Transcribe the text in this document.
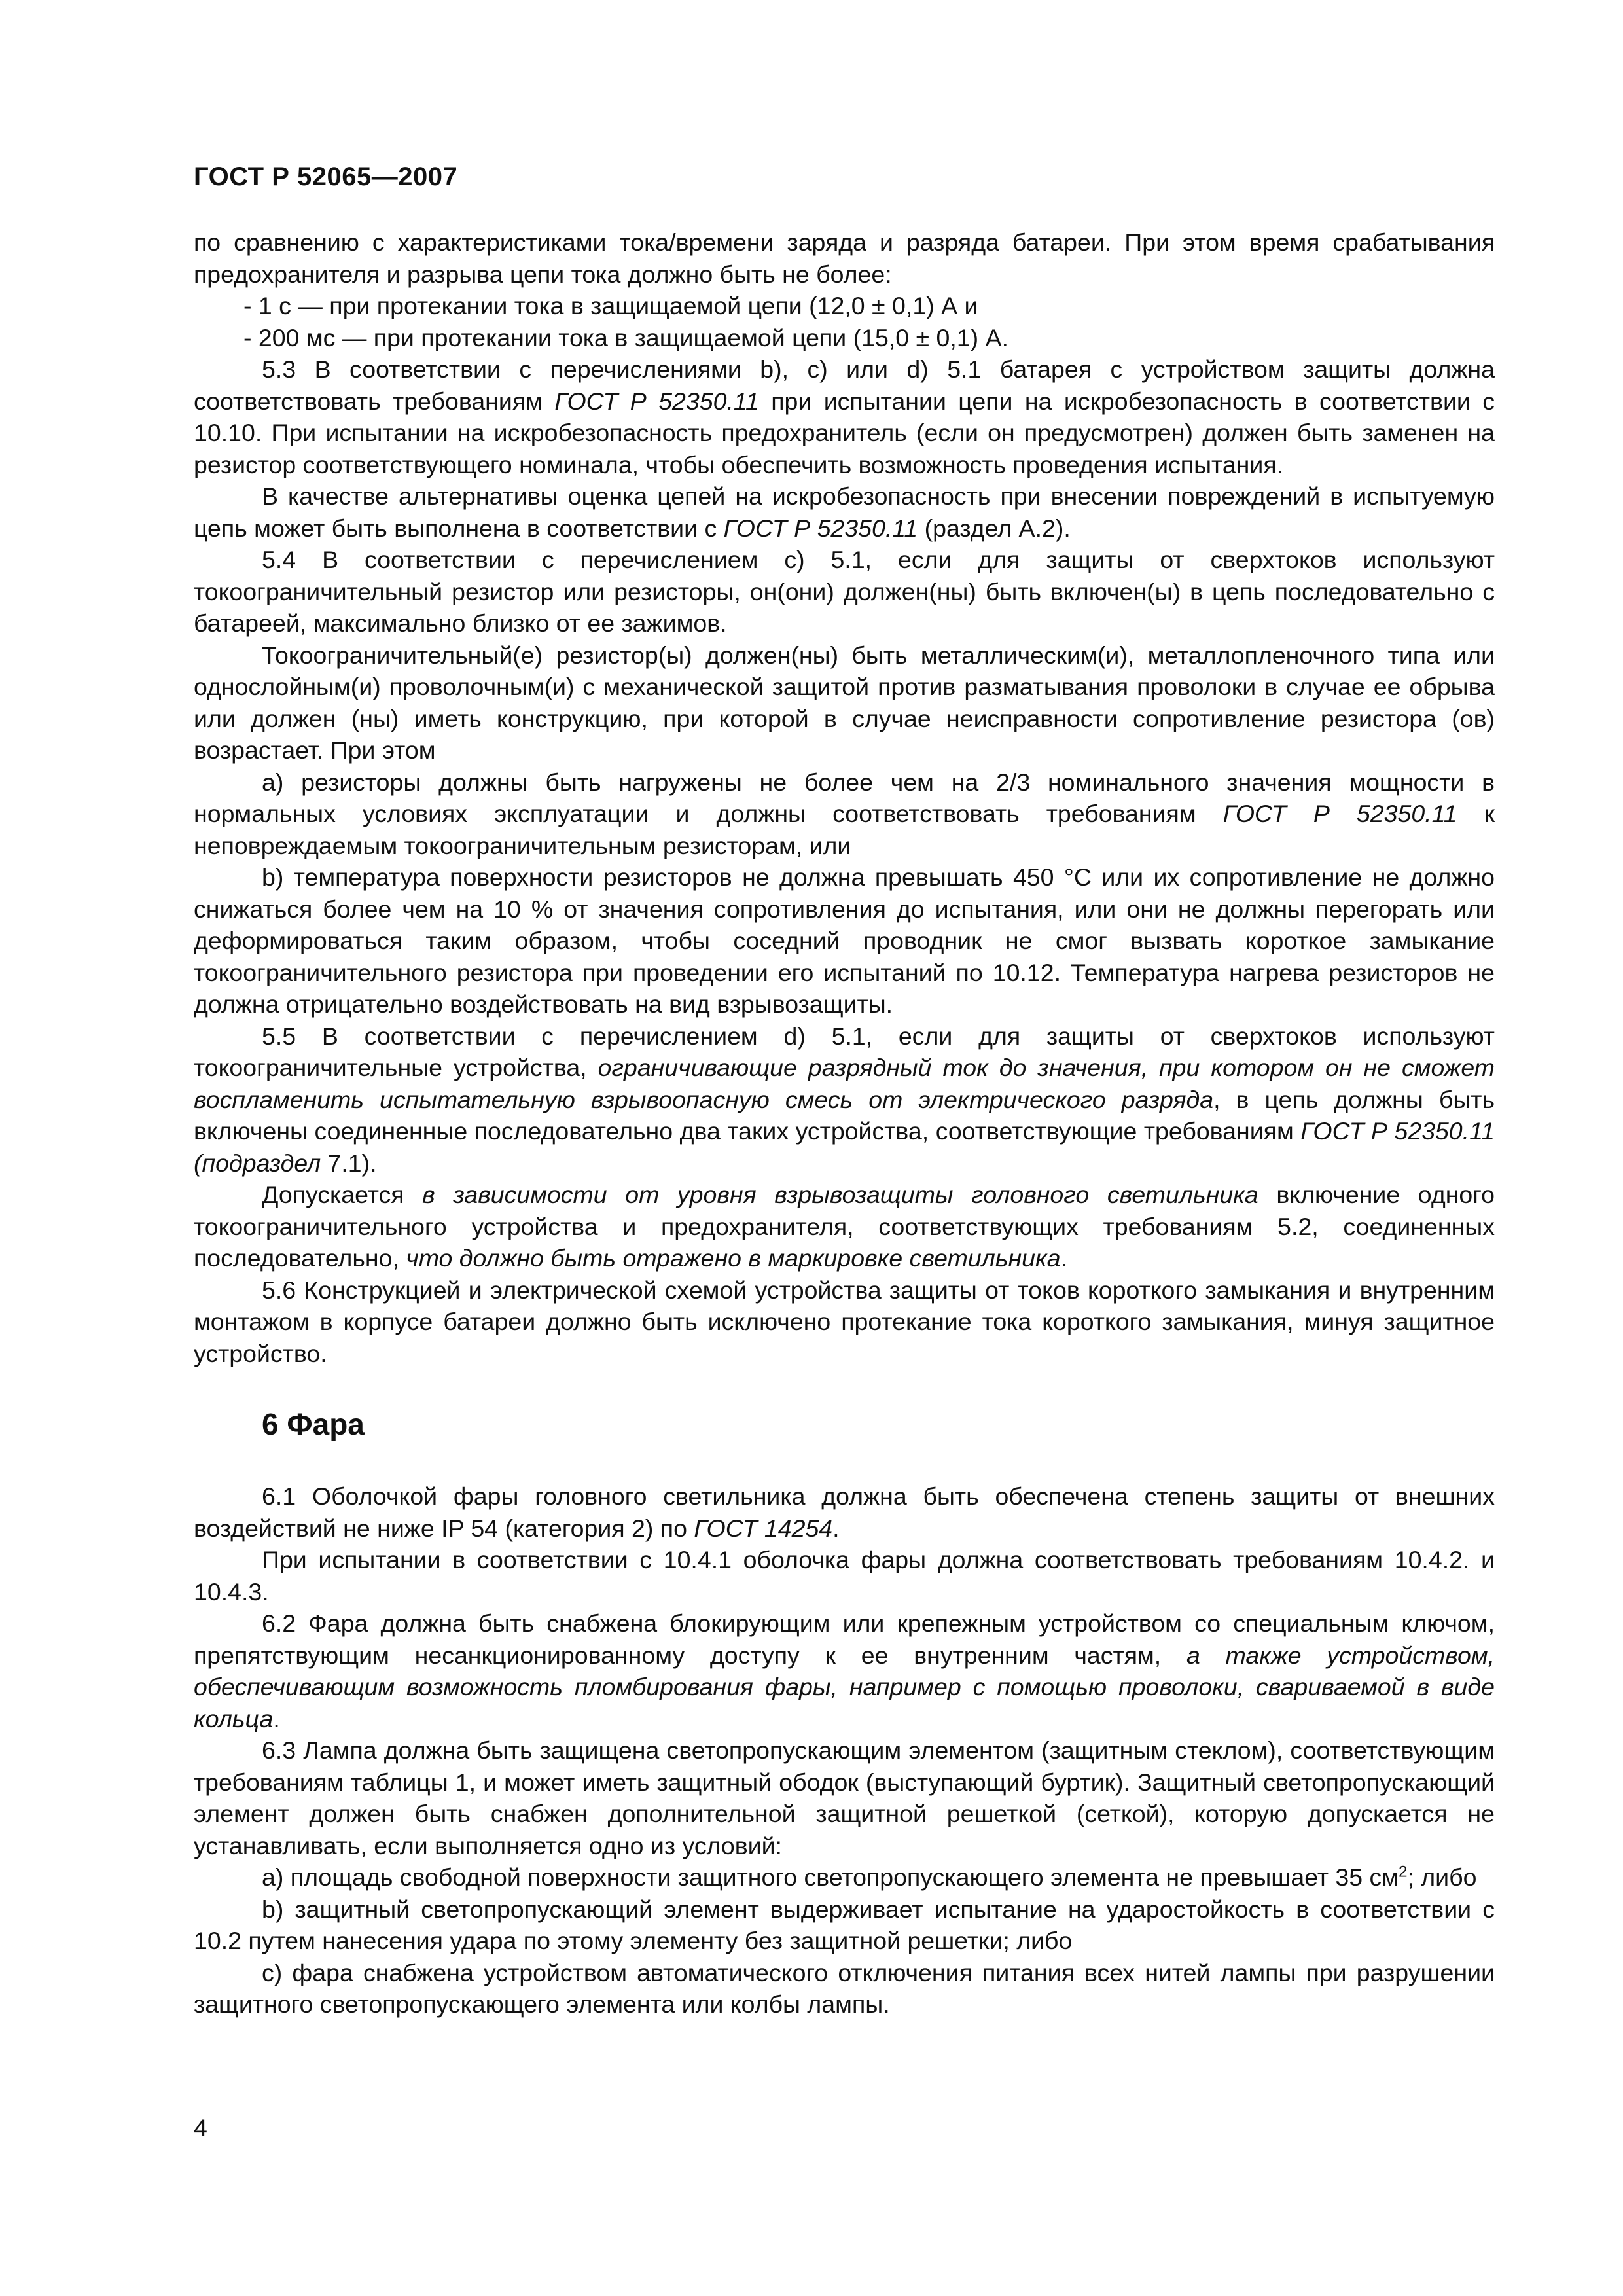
ГОСТ Р 52065—2007

по сравнению с характеристиками тока/времени заряда и разряда батареи. При этом время срабатывания предохранителя и разрыва цепи тока должно быть не более:

- 1 с — при протекании тока в защищаемой цепи (12,0 ± 0,1) А и

- 200 мс — при протекании тока в защищаемой цепи (15,0 ± 0,1) А.

5.3 В соответствии с перечислениями b), с) или d) 5.1 батарея с устройством защиты должна соответствовать требованиям ГОСТ Р 52350.11 при испытании цепи на искробезопасность в соответствии с 10.10. При испытании на искробезопасность предохранитель (если он предусмотрен) должен быть заменен на резистор соответствующего номинала, чтобы обеспечить возможность проведения испытания.

В качестве альтернативы оценка цепей на искробезопасность при внесении повреждений в испытуемую цепь может быть выполнена в соответствии с ГОСТ Р 52350.11 (раздел А.2).

5.4 В соответствии с перечислением с) 5.1, если для защиты от сверхтоков используют токоограничительный резистор или резисторы, он(они) должен(ны) быть включен(ы) в цепь последовательно с батареей, максимально близко от ее зажимов.

Токоограничительный(е) резистор(ы) должен(ны) быть металлическим(и), металлопленочного типа или однослойным(и) проволочным(и) с механической защитой против разматывания проволоки в случае ее обрыва или должен (ны) иметь конструкцию, при которой в случае неисправности сопротивление резистора (ов) возрастает. При этом

а) резисторы должны быть нагружены не более чем на 2/3 номинального значения мощности в нормальных условиях эксплуатации и должны соответствовать требованиям ГОСТ Р 52350.11 к неповреждаемым токоограничительным резисторам, или

b) температура поверхности резисторов не должна превышать 450 °С или их сопротивление не должно снижаться более чем на 10 % от значения сопротивления до испытания, или они не должны перегорать или деформироваться таким образом, чтобы соседний проводник не смог вызвать короткое замыкание токоограничительного резистора при проведении его испытаний по 10.12. Температура нагрева резисторов не должна отрицательно воздействовать на вид взрывозащиты.

5.5 В соответствии с перечислением d) 5.1, если для защиты от сверхтоков используют токоограничительные устройства, ограничивающие разрядный ток до значения, при котором он не сможет воспламенить испытательную взрывоопасную смесь от электрического разряда, в цепь должны быть включены соединенные последовательно два таких устройства, соответствующие требованиям ГОСТ Р 52350.11 (подраздел 7.1).

Допускается в зависимости от уровня взрывозащиты головного светильника включение одного токоограничительного устройства и предохранителя, соответствующих требованиям 5.2, соединенных последовательно, что должно быть отражено в маркировке светильника.

5.6 Конструкцией и электрической схемой устройства защиты от токов короткого замыкания и внутренним монтажом в корпусе батареи должно быть исключено протекание тока короткого замыкания, минуя защитное устройство.

6 Фара

6.1 Оболочкой фары головного светильника должна быть обеспечена степень защиты от внешних воздействий не ниже IP 54 (категория 2) по ГОСТ 14254.

При испытании в соответствии с 10.4.1 оболочка фары должна соответствовать требованиям 10.4.2. и 10.4.3.

6.2 Фара должна быть снабжена блокирующим или крепежным устройством со специальным ключом, препятствующим несанкционированному доступу к ее внутренним частям, а также устройством, обеспечивающим возможность пломбирования фары, например с помощью проволоки, свариваемой в виде кольца.

6.3 Лампа должна быть защищена светопропускающим элементом (защитным стеклом), соответствующим требованиям таблицы 1, и может иметь защитный ободок (выступающий буртик). Защитный светопропускающий элемент должен быть снабжен дополнительной защитной решеткой (сеткой), которую допускается не устанавливать, если выполняется одно из условий:

а) площадь свободной поверхности защитного светопропускающего элемента не превышает 35 $см^2$; либо

b) защитный светопропускающий элемент выдерживает испытание на ударостойкость в соответствии с 10.2 путем нанесения удара по этому элементу без защитной решетки; либо

с) фара снабжена устройством автоматического отключения питания всех нитей лампы при разрушении защитного светопропускающего элемента или колбы лампы.

4
